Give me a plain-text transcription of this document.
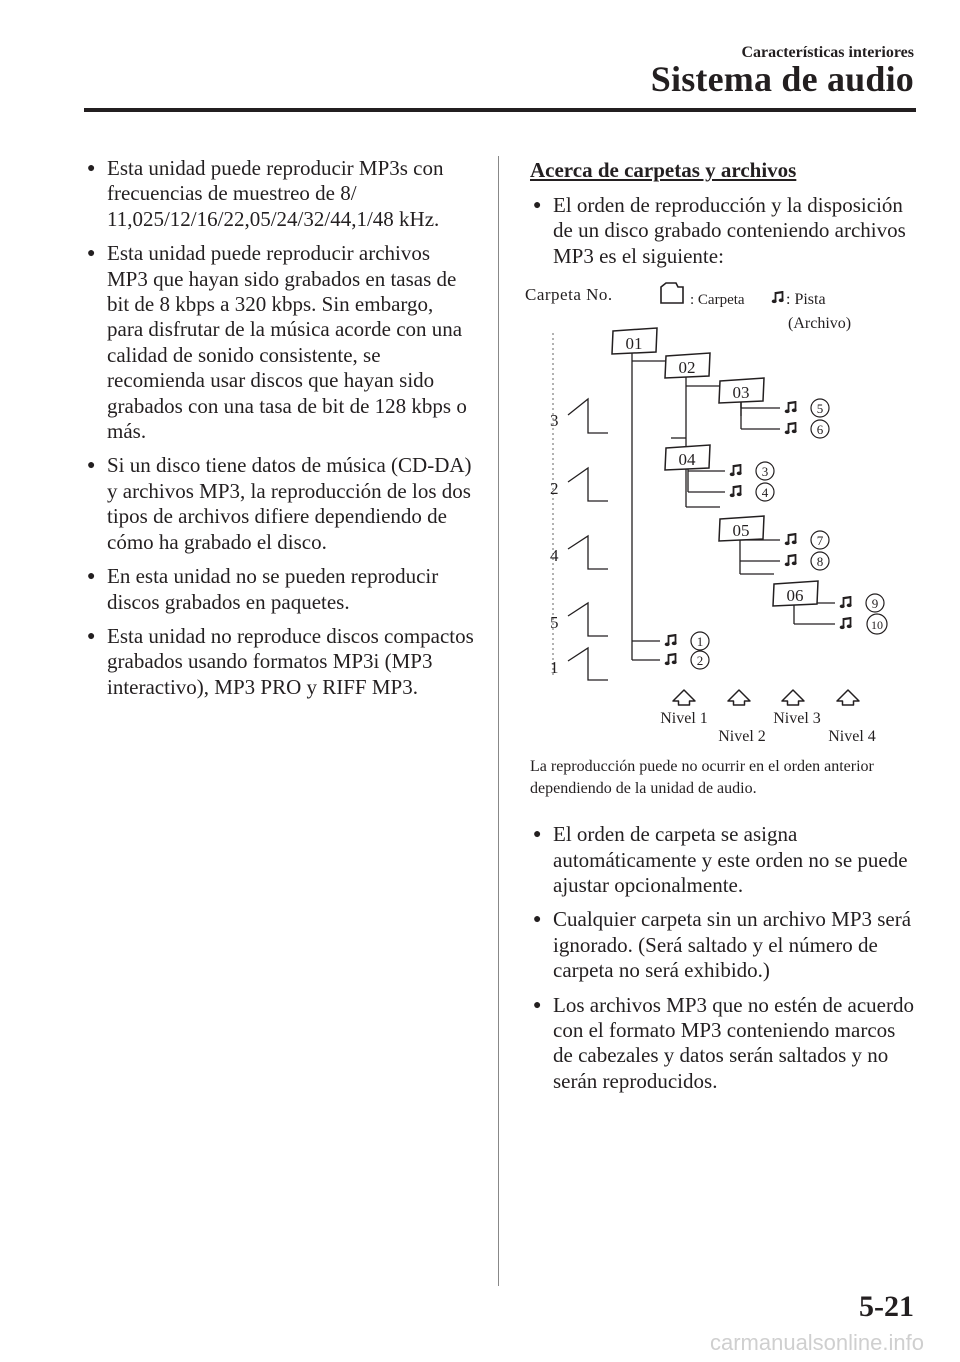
Características interiores
Sistema de audio
● Esta unidad puede reproducir MP3s con frecuencias de muestreo de 8/ 11,025/12/16/22,05/24/32/44,1/48 kHz.
● Esta unidad puede reproducir archivos MP3 que hayan sido grabados en tasas de bit de 8 kbps a 320 kbps. Sin embargo, para disfrutar de la música acorde con una calidad de sonido consistente, se recomienda usar discos que hayan sido grabados con una tasa de bit de 128 kbps o más.
● Si un disco tiene datos de música (CD-DA) y archivos MP3, la reproducción de los dos tipos de archivos difiere dependiendo de cómo ha grabado el disco.
● En esta unidad no se pueden reproducir discos grabados en paquetes.
● Esta unidad no reproduce discos compactos grabados usando formatos MP3i (MP3 interactivo), MP3 PRO y RIFF MP3.
Acerca de carpetas y archivos
● El orden de reproducción y la disposición de un disco grabado conteniendo archivos MP3 es el siguiente:
Carpeta No.	: Carpeta	: Pista
(Archivo)
01
02
03
04
05
06
3
2
4
5
1
5
6
3
4
7
8
9
10
1
2
Nivel 1
Nivel 2
Nivel 3
Nivel 4
La reproducción puede no ocurrir en el orden anterior dependiendo de la unidad de audio.
● El orden de carpeta se asigna automáticamente y este orden no se puede ajustar opcionalmente.
● Cualquier carpeta sin un archivo MP3 será ignorado. (Será saltado y el número de carpeta no será exhibido.)
● Los archivos MP3 que no estén de acuerdo con el formato MP3 conteniendo marcos de cabezales y datos serán saltados y no serán reproducidos.
5-21
carmanualsonline.info
